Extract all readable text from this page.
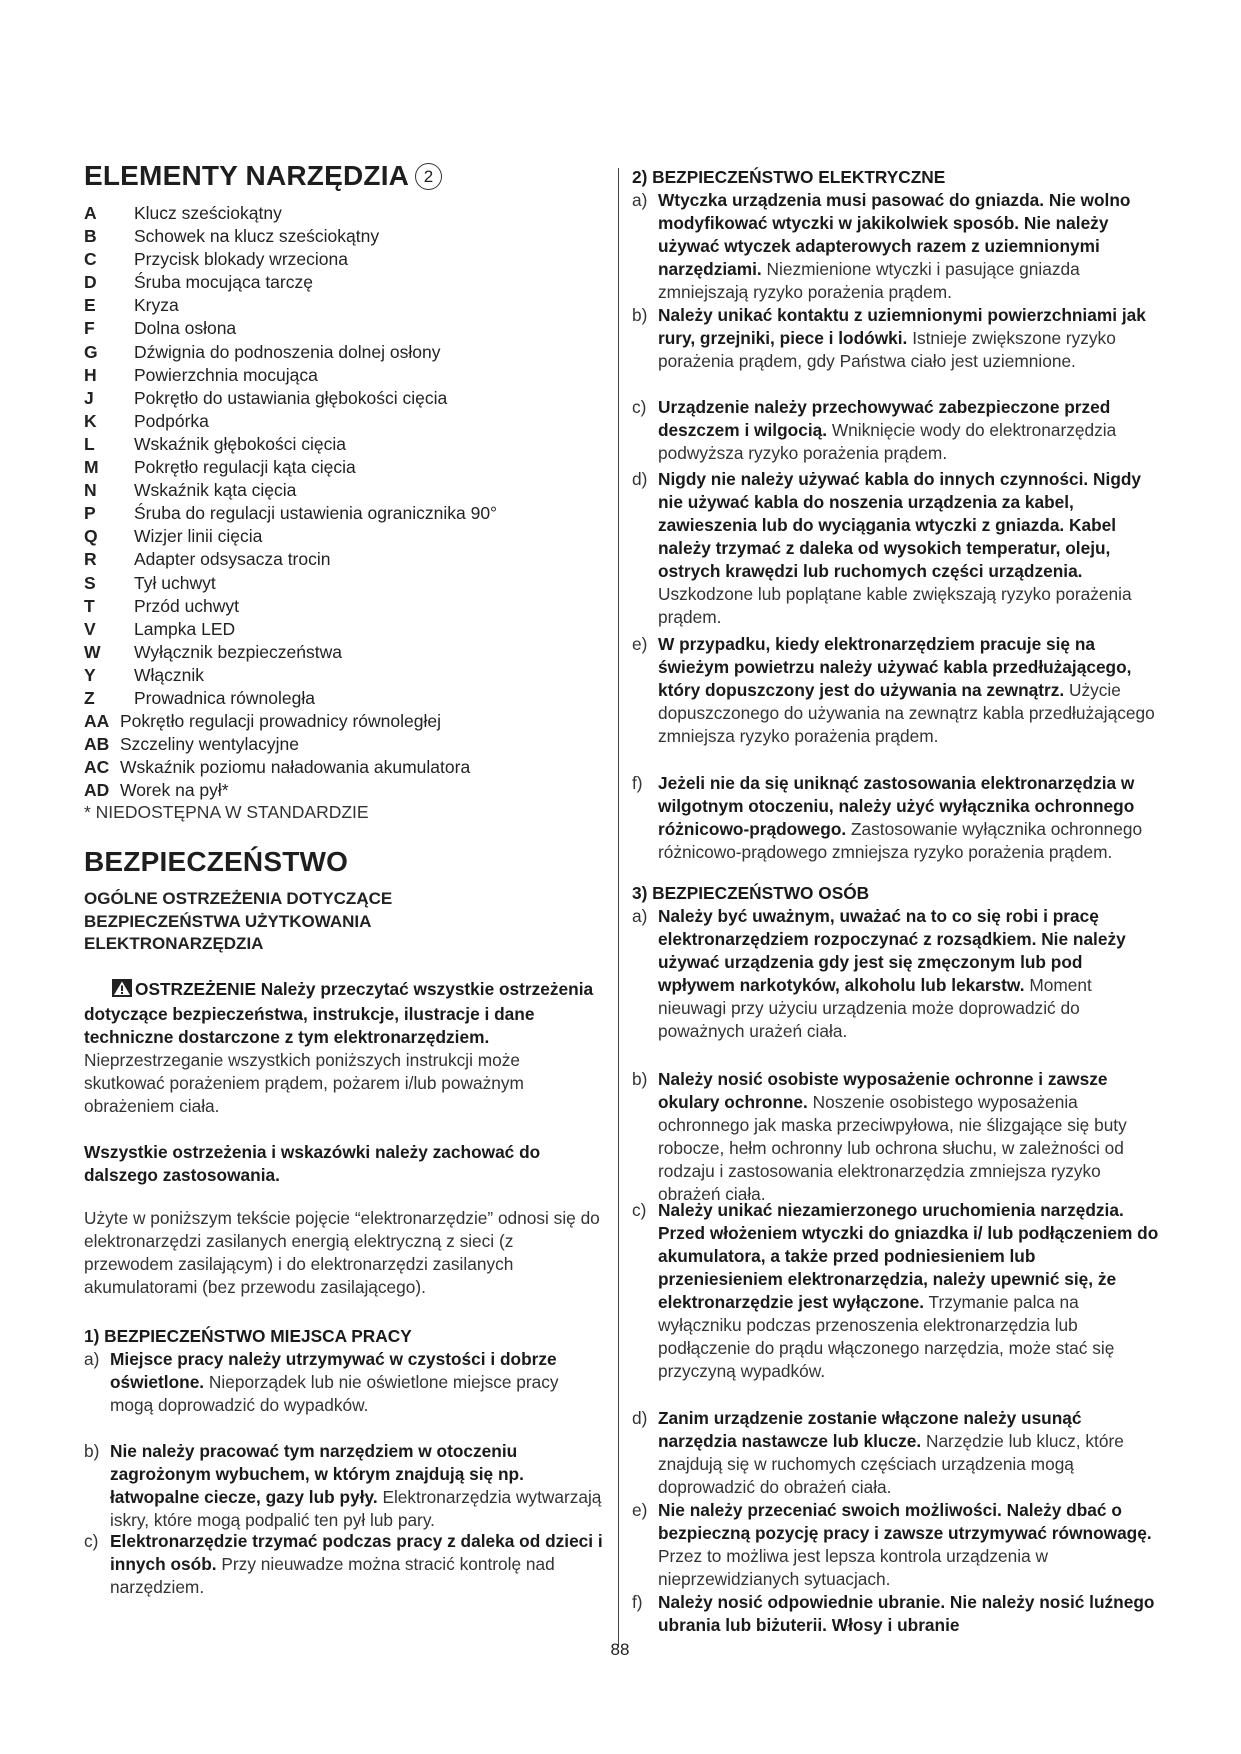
ELEMENTY NARZĘDZIA 2
A Klucz sześciokątny
B Schowek na klucz sześciokątny
C Przycisk blokady wrzeciona
D Śruba mocująca tarczę
E Kryza
F Dolna osłona
G Dźwignia do podnoszenia dolnej osłony
H Powierzchnia mocująca
J Pokrętło do ustawiania głębokości cięcia
K Podpórka
L Wskaźnik głębokości cięcia
M Pokrętło regulacji kąta cięcia
N Wskaźnik kąta cięcia
P Śruba do regulacji ustawienia ogranicznika 90°
Q Wizjer linii cięcia
R Adapter odsysacza trocin
S Tył uchwyt
T Przód uchwyt
V Lampka LED
W Wyłącznik bezpieczeństwa
Y Włącznik
Z Prowadnica równoległa
AA Pokrętło regulacji prowadnicy równoległej
AB Szczeliny wentylacyjne
AC Wskaźnik poziomu naładowania akumulatora
AD Worek na pył*
* NIEDOSTĘPNA W STANDARDZIE
BEZPIECZEŃSTWO
OGÓLNE OSTRZEŻENIA DOTYCZĄCE
BEZPIECZEŃSTWA UŻYTKOWANIA
ELEKTRONARZĘDZIA
OSTRZEŻENIE Należy przeczytać wszystkie ostrzeżenia dotyczące bezpieczeństwa, instrukcje, ilustracje i dane techniczne dostarczone z tym elektronarzędziem. Nieprzestrzeganie wszystkich poniższych instrukcji może skutkować porażeniem prądem, pożarem i/lub poważnym obrażeniem ciała.
Wszystkie ostrzeżenia i wskazówki należy zachować do dalszego zastosowania.
Użyte w poniższym tekście pojęcie “elektronarzędzie” odnosi się do elektronarzędzi zasilanych energią elektryczną z sieci (z przewodem zasilającym) i do elektronarzędzi zasilanych akumulatorami (bez przewodu zasilającego).
1) BEZPIECZEŃSTWO MIEJSCA PRACY
a) Miejsce pracy należy utrzymywać w czystości i dobrze oświetlone. Nieporządek lub nie oświetlone miejsce pracy mogą doprowadzić do wypadków.
b) Nie należy pracować tym narzędziem w otoczeniu zagrożonym wybuchem, w którym znajdują się np. łatwopalne ciecze, gazy lub pyły. Elektronarzędzia wytwarzają iskry, które mogą podpalić ten pył lub pary.
c) Elektronarzędzie trzymać podczas pracy z daleka od dzieci i innych osób. Przy nieuwadze można stracić kontrolę nad narzędziem.
2) BEZPIECZEŃSTWO ELEKTRYCZNE
a) Wtyczka urządzenia musi pasować do gniazda. Nie wolno modyfikować wtyczki w jakikolwiek sposób. Nie należy używać wtyczek adapterowych razem z uziemnionymi narzędziami. Niezmienione wtyczki i pasujące gniazda zmniejszają ryzyko porażenia prądem.
b) Należy unikać kontaktu z uziemnionymi powierzchniami jak rury, grzejniki, piece i lodówki. Istnieje zwiększone ryzyko porażenia prądem, gdy Państwa ciało jest uziemnione.
c) Urządzenie należy przechowywać zabezpieczone przed deszczem i wilgocią. Wniknięcie wody do elektronarzędzia podwyższa ryzyko porażenia prądem.
d) Nigdy nie należy używać kabla do innych czynności. Nigdy nie używać kabla do noszenia urządzenia za kabel, zawieszenia lub do wyciągania wtyczki z gniazda. Kabel należy trzymać z daleka od wysokich temperatur, oleju, ostrych krawędzi lub ruchomych części urządzenia. Uszkodzone lub poplątane kable zwiększają ryzyko porażenia prądem.
e) W przypadku, kiedy elektronarzędziem pracuje się na świeżym powietrzu należy używać kabla przedłużającego, który dopuszczony jest do używania na zewnątrz. Użycie dopuszczonego do używania na zewnątrz kabla przedłużającego zmniejsza ryzyko porażenia prądem.
f) Jeżeli nie da się uniknąć zastosowania elektronarzędzia w wilgotnym otoczeniu, należy użyć wyłącznika ochronnego różnicowo-prądowego. Zastosowanie wyłącznika ochronnego różnicowo-prądowego zmniejsza ryzyko porażenia prądem.
3) BEZPIECZEŃSTWO OSÓB
a) Należy być uważnym, uważać na to co się robi i pracę elektronarzędziem rozpoczynać z rozsądkiem. Nie należy używać urządzenia gdy jest się zmęczonym lub pod wpływem narkotyków, alkoholu lub lekarstw. Moment nieuwagi przy użyciu urządzenia może doprowadzić do poważnych urażeń ciała.
b) Należy nosić osobiste wyposażenie ochronne i zawsze okulary ochronne. Noszenie osobistego wyposażenia ochronnego jak maska przeciwpyłowa, nie ślizgające się buty robocze, hełm ochronny lub ochrona słuchu, w zależności od rodzaju i zastosowania elektronarzędzia zmniejsza ryzyko obrażeń ciała.
c) Należy unikać niezamierzonego uruchomienia narzędzia. Przed włożeniem wtyczki do gniazdka i/ lub podłączeniem do akumulatora, a także przed podniesieniem lub przeniesieniem elektronarzędzia, należy upewnić się, że elektronarzędzie jest wyłączone. Trzymanie palca na wyłączniku podczas przenoszenia elektronarzędzia lub podłączenie do prądu włączonego narzędzia, może stać się przyczyną wypadków.
d) Zanim urządzenie zostanie włączone należy usunąć narzędzia nastawcze lub klucze. Narzędzie lub klucz, które znajdują się w ruchomych częściach urządzenia mogą doprowadzić do obrażeń ciała.
e) Nie należy przeceniać swoich możliwości. Należy dbać o bezpieczną pozycję pracy i zawsze utrzymywać równowagę. Przez to możliwa jest lepsza kontrola urządzenia w nieprzewidzianych sytuacjach.
f) Należy nosić odpowiednie ubranie. Nie należy nosić luźnego ubrania lub biżuterii. Włosy i ubranie
88
